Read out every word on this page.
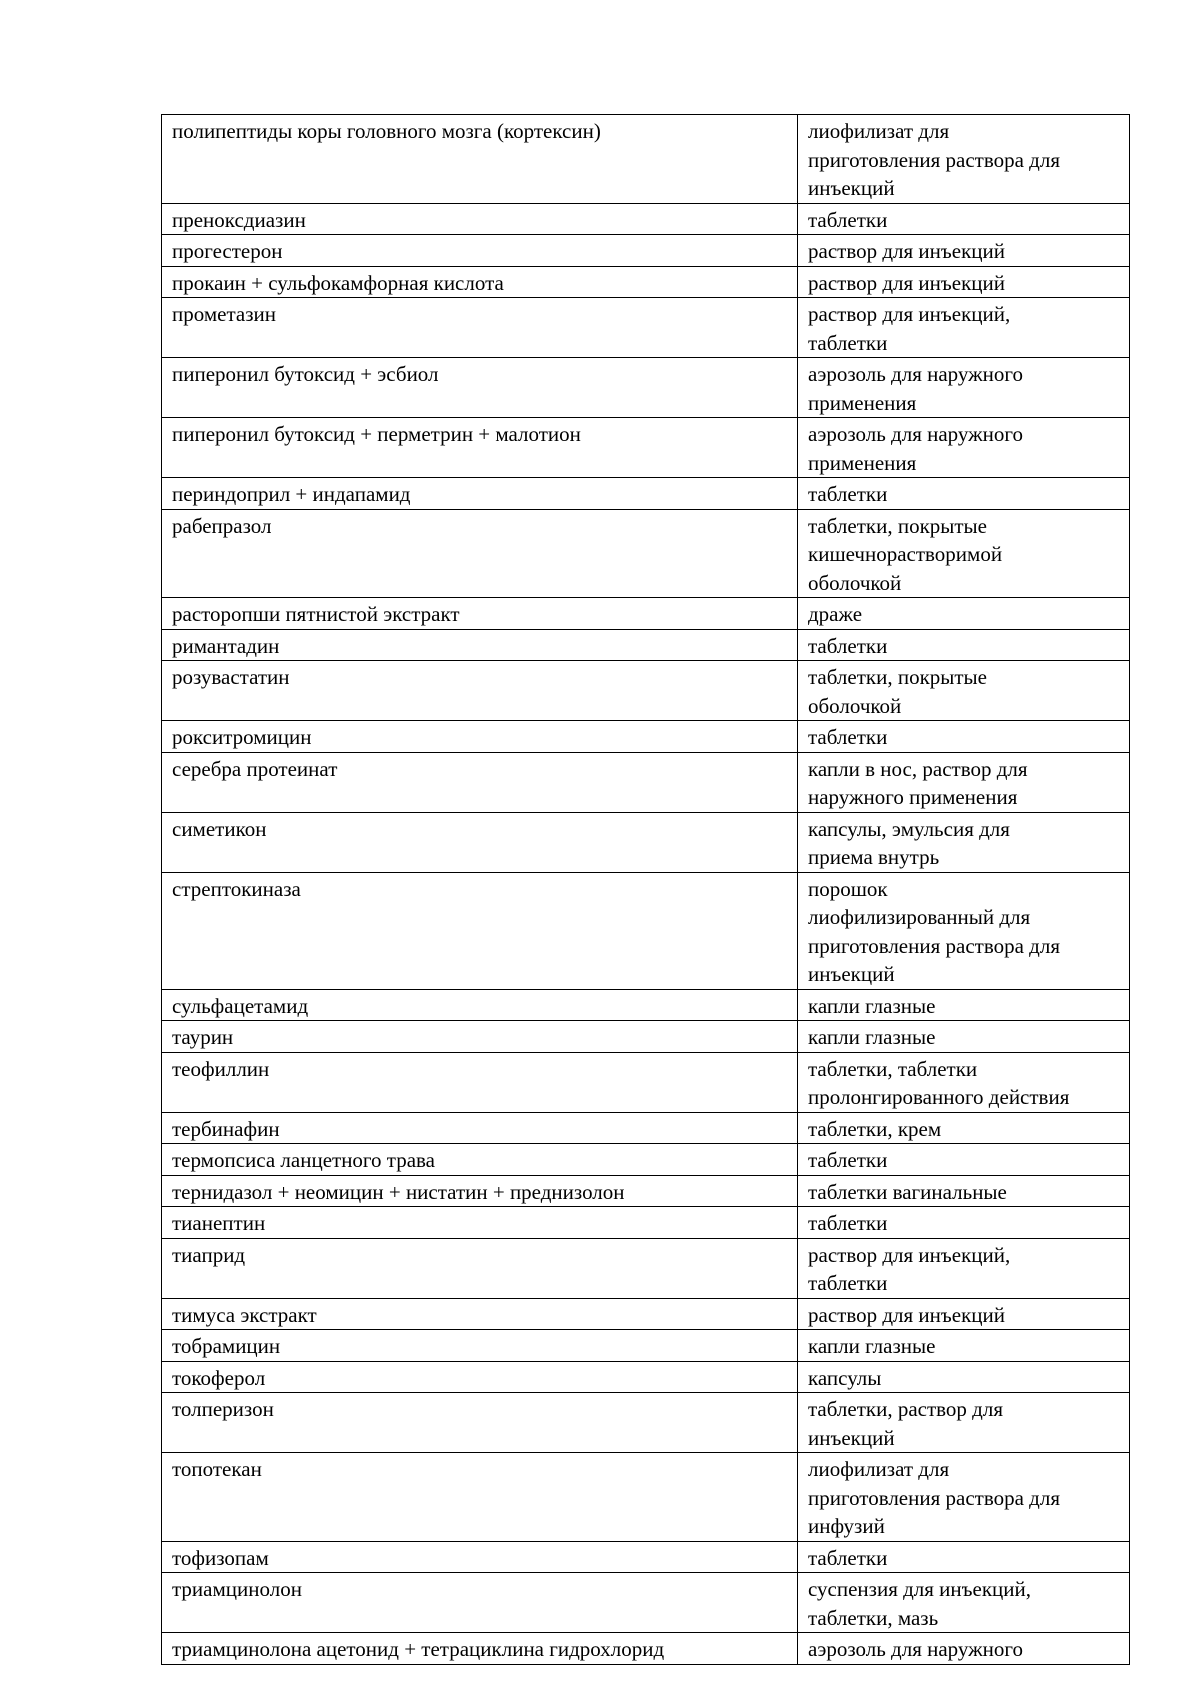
полипептиды коры головного мозга (кортексин)	лиофилизат для
приготовления раствора для
инъекций
преноксдиазин	таблетки
прогестерон	раствор для инъекций
прокаин + сульфокамфорная кислота	раствор для инъекций
прометазин	раствор для инъекций,
таблетки
пиперонил бутоксид + эсбиол	аэрозоль для наружного
применения
пиперонил бутоксид + перметрин + малотион	аэрозоль для наружного
применения
периндоприл + индапамид	таблетки
рабепразол	таблетки, покрытые
кишечнорастворимой
оболочкой
расторопши пятнистой экстракт	драже
римантадин	таблетки
розувастатин	таблетки, покрытые
оболочкой
рокситромицин	таблетки
серебра протеинат	капли в нос, раствор для
наружного применения
симетикон	капсулы, эмульсия для
приема внутрь
стрептокиназа	порошок
лиофилизированный для
приготовления раствора для
инъекций
сульфацетамид	капли глазные
таурин	капли глазные
теофиллин	таблетки, таблетки
пролонгированного действия
тербинафин	таблетки, крем
термопсиса ланцетного трава	таблетки
тернидазол + неомицин + нистатин + преднизолон	таблетки вагинальные
тианептин	таблетки
тиаприд	раствор для инъекций,
таблетки
тимуса экстракт	раствор для инъекций
тобрамицин	капли глазные
токоферол	капсулы
толперизон	таблетки, раствор для
инъекций
топотекан	лиофилизат для
приготовления раствора для
инфузий
тофизопам	таблетки
триамцинолон	суспензия для инъекций,
таблетки, мазь
триамцинолона ацетонид + тетрациклина гидрохлорид	аэрозоль для наружного
